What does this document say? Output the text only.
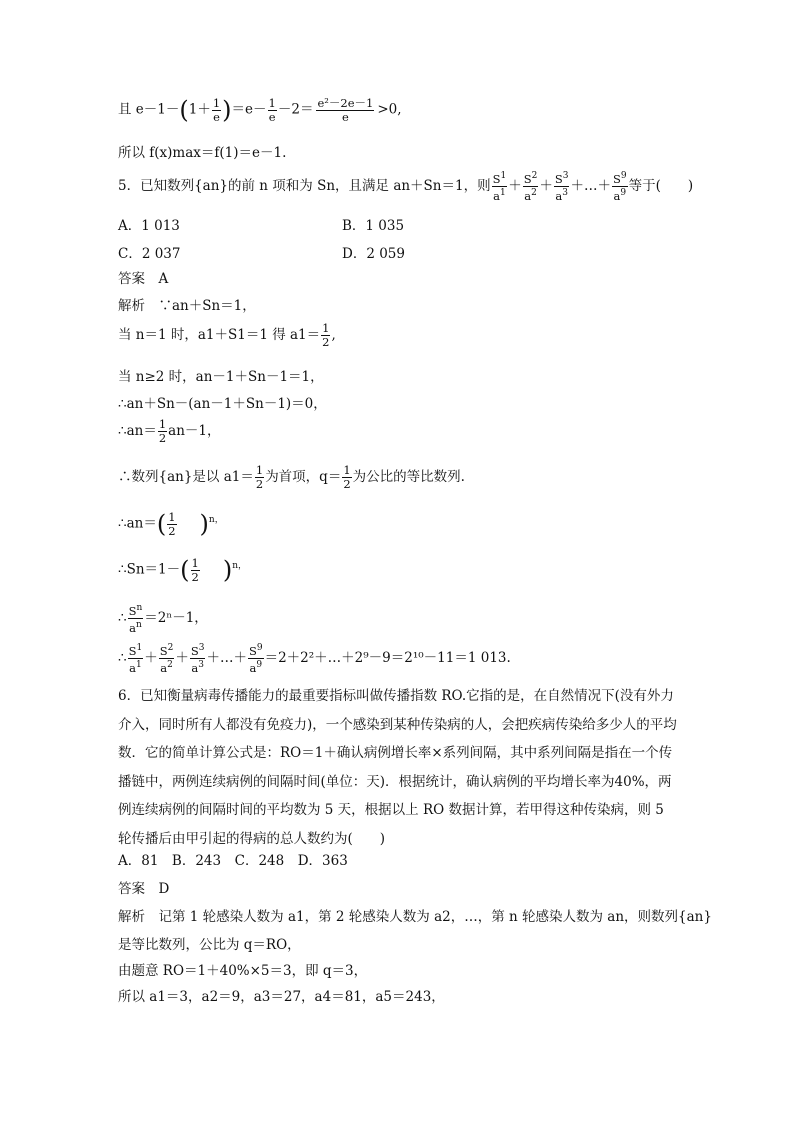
且 $e-1-(1+ \frac{1}{e} )=e- \frac{1}{e} -2= \frac{\text{e²－2e－1}}{e} >0$,
所以 f(x)max＝f(1)＝e－1.
5．已知数列{an}的前 n 项和为 Sn，且满足 an＋Sn＝1，则 $\frac{S^1}{a^1} + \frac{S^2}{a^2} + \frac{S^3}{a^3}$ ＋…＋ $\frac{S^9}{a^9}$ 等于(　　)
A．1 013	B．1 035
C．2 037	D．2 059
答案　A
解析　∵an＋Sn＝1，
当 n＝1 时，a1＋S1＝1 得 $a1= \frac{1}{2}$ ,
当 n≥2 时，an－1＋Sn－1＝1，
∴an＋Sn－(an－1＋Sn－1)＝0，
∴an＝ $\frac{1}{2} an-1$，
∴数列{an}是以 $a1= \frac{1}{2}$ 为首项，$q= \frac{1}{2}$ 为公比的等比数列.
∴an＝( $\frac{1}{2} )^{n,}$
∴Sn＝1－( $\frac{1}{2} )^{n,}$
∴ $\frac{S^n}{a^n} =2^n-1$，
∴ $\frac{S^1}{a^1} + \frac{S^2}{a^2} + \frac{S^3}{a^3}$ ＋…＋ $\frac{S^9}{a^9}$ ＝2＋2²＋…＋2⁹－9＝2¹⁰－11＝1 013.
6．已知衡量病毒传播能力的最重要指标叫做传播指数 RO.它指的是，在自然情况下(没有外力介入，同时所有人都没有免疫力)，一个感染到某种传染病的人，会把疾病传染给多少人的平均数．它的简单计算公式是：RO＝1＋确认病例增长率×系列间隔，其中系列间隔是指在一个传播链中，两例连续病例的间隔时间(单位：天)．根据统计，确认病例的平均增长率为40%，两例连续病例的间隔时间的平均数为 5 天，根据以上 RO 数据计算，若甲得这种传染病，则 5 轮传播后由甲引起的得病的总人数约为(　　)
A．81　B．243　C．248　D．363
答案　D
解析　记第 1 轮感染人数为 a1，第 2 轮感染人数为 a2，…，第 n 轮感染人数为 an，则数列{an}
是等比数列，公比为 q＝RO，
由题意 RO＝1＋40%×5＝3，即 q＝3，
所以 a1＝3，a2＝9，a3＝27，a4＝81，a5＝243，
